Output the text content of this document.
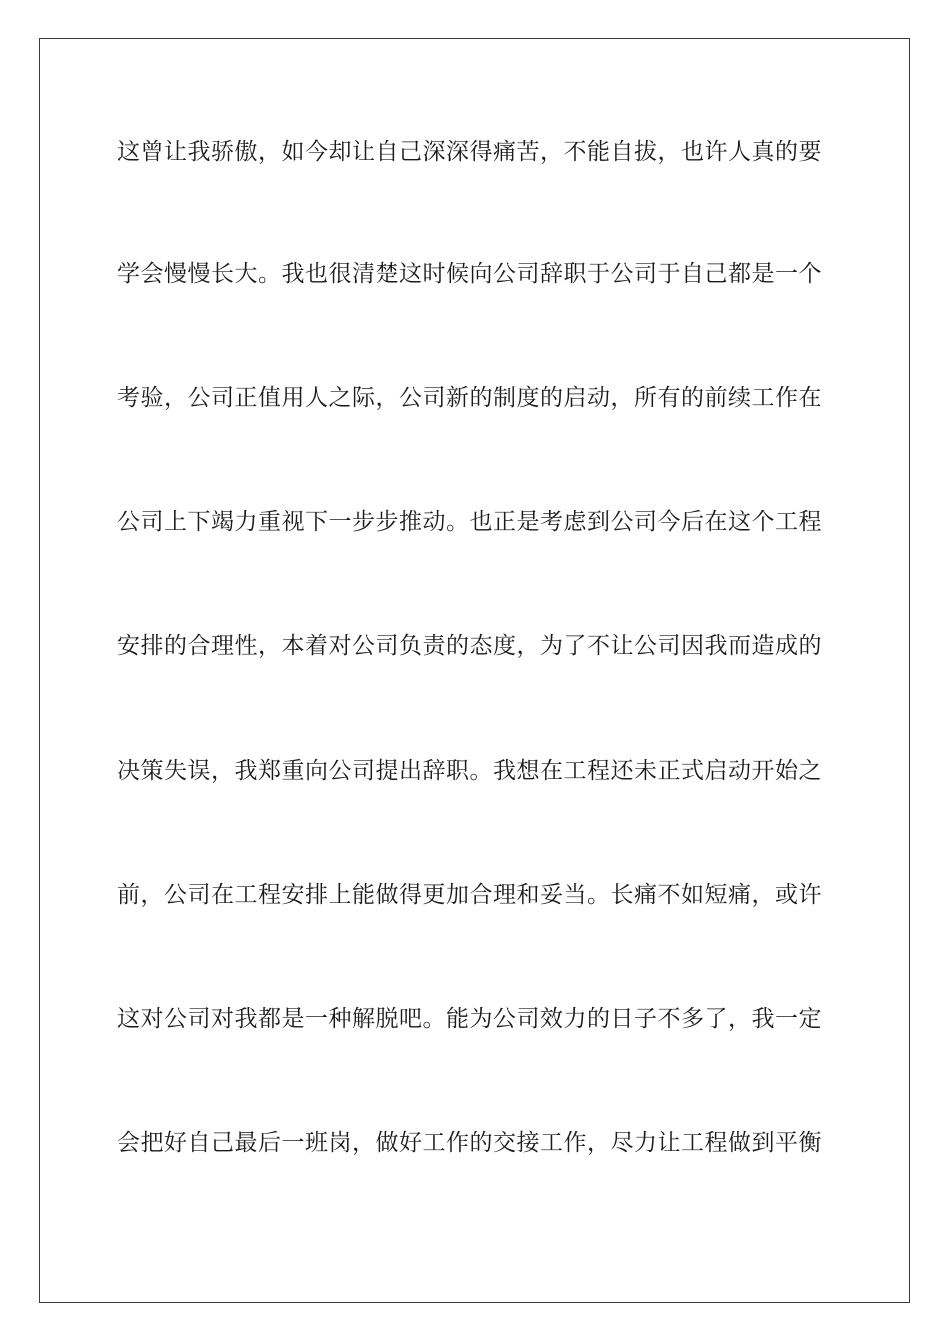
这曾让我骄傲，如今却让自己深深得痛苦，不能自拔，也许人真的要
学会慢慢长大。我也很清楚这时候向公司辞职于公司于自己都是一个
考验，公司正值用人之际，公司新的制度的启动，所有的前续工作在
公司上下竭力重视下一步步推动。也正是考虑到公司今后在这个工程
安排的合理性，本着对公司负责的态度，为了不让公司因我而造成的
决策失误，我郑重向公司提出辞职。我想在工程还未正式启动开始之
前，公司在工程安排上能做得更加合理和妥当。长痛不如短痛，或许
这对公司对我都是一种解脱吧。能为公司效力的日子不多了，我一定
会把好自己最后一班岗，做好工作的交接工作，尽力让工程做到平衡
